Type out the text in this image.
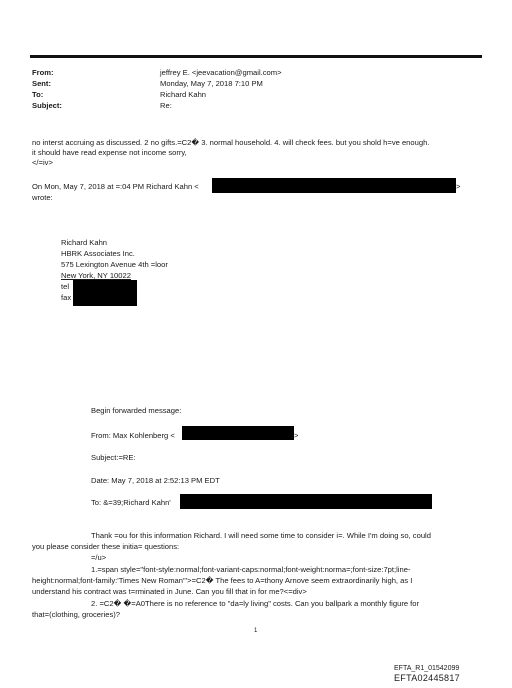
From:
Sent:
To:
Subject:
jeffrey E. <jeevacation@gmail.com>
Monday, May 7, 2018 7:10 PM
Richard Kahn
Re:
no interst accruing as discussed. 2 no gifts.=C2� 3. normal household. 4. will check fees. but you shold h=ve enough.
it should have read expense not income sorry,
</=iv>
On Mon, May 7, 2018 at =:04 PM Richard Kahn <	>
wrote:
Richard Kahn
HBRK Associates Inc.
575 Lexington Avenue 4th =loor
New York, NY 10022
tel
fax
Begin forwarded message:
From: Max Kohlenberg <	>
Subject:=RE:
Date: May 7, 2018 at 2:52:13 PM EDT
To: &=39;Richard Kahn'
Thank =ou for this information Richard. I will need some time to consider i=. While I'm doing so, could
you please consider these initia= questions:
=/u>
1.=span style="font-style:normal;font-variant-caps:normal;font-weight:norma=;font-size:7pt;line-
height:normal;font-family:'Times New Roman'">=C2� The fees to A=thony Arnove seem extraordinarily high, as I
understand his contract was t=rminated in June. Can you fill that in for me?<=div>
2. =C2� �=A0There is no reference to "da=ly living" costs. Can you ballpark a monthly figure for
that=(clothing, groceries)?
1
EFTA_R1_01542099
EFTA02445817
